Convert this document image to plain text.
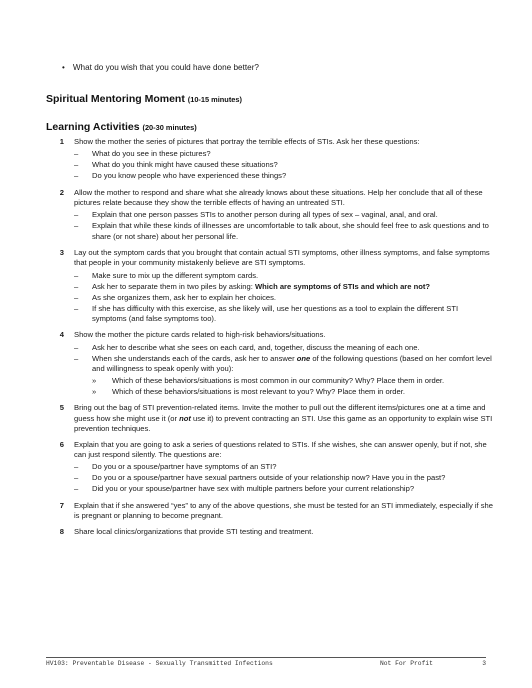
• What do you wish that you could have done better?
Spiritual Mentoring Moment (10-15 minutes)
Learning Activities (20-30 minutes)
1	Show the mother the series of pictures that portray the terrible effects of STIs. Ask her these questions:
–	What do you see in these pictures?
–	What do you think might have caused these situations?
–	Do you know people who have experienced these things?
2	Allow the mother to respond and share what she already knows about these situations. Help her conclude that all of these pictures relate because they show the terrible effects of having an untreated STI.
–	Explain that one person passes STIs to another person during all types of sex – vaginal, anal, and oral.
–	Explain that while these kinds of illnesses are uncomfortable to talk about, she should feel free to ask questions and to share (or not share) about her personal life.
3	Lay out the symptom cards that you brought that contain actual STI symptoms, other illness symptoms, and false symptoms that people in your community mistakenly believe are STI symptoms.
–	Make sure to mix up the different symptom cards.
–	Ask her to separate them in two piles by asking: Which are symptoms of STIs and which are not?
–	As she organizes them, ask her to explain her choices.
–	If she has difficulty with this exercise, as she likely will, use her questions as a tool to explain the different STI symptoms (and false symptoms too).
4	Show the mother the picture cards related to high-risk behaviors/situations.
–	Ask her to describe what she sees on each card, and, together, discuss the meaning of each one.
–	When she understands each of the cards, ask her to answer one of the following questions (based on her comfort level and willingness to speak openly with you):
»	Which of these behaviors/situations is most common in our community? Why? Place them in order.
»	Which of these behaviors/situations is most relevant to you? Why? Place them in order.
5	Bring out the bag of STI prevention-related items. Invite the mother to pull out the different items/pictures one at a time and guess how she might use it (or not use it) to prevent contracting an STI. Use this game as an opportunity to explain wise STI prevention techniques.
6	Explain that you are going to ask a series of questions related to STIs. If she wishes, she can answer openly, but if not, she can just respond silently. The questions are:
–	Do you or a spouse/partner have symptoms of an STI?
–	Do you or a spouse/partner have sexual partners outside of your relationship now? Have you in the past?
–	Did you or your spouse/partner have sex with multiple partners before your current relationship?
7	Explain that if she answered “yes” to any of the above questions, she must be tested for an STI immediately, especially if she is pregnant or planning to become pregnant.
8	Share local clinics/organizations that provide STI testing and treatment.
HV103: Preventable Disease - Sexually Transmitted Infections	Not For Profit	3
